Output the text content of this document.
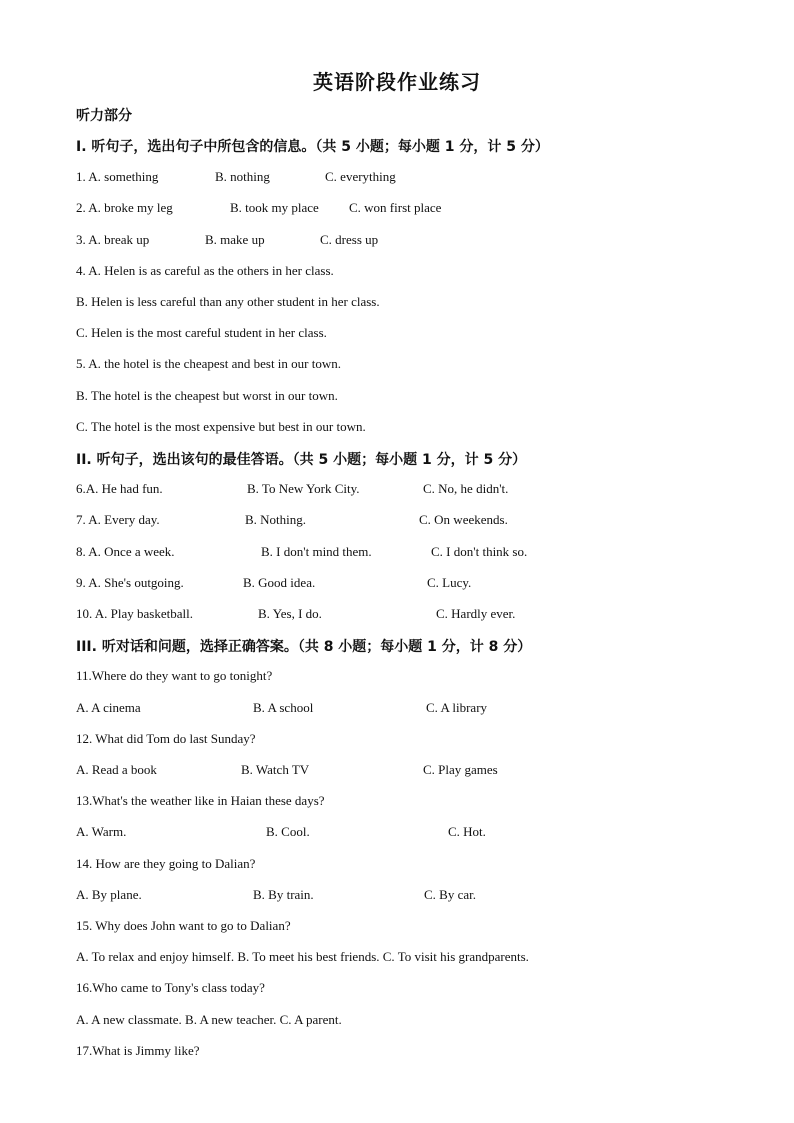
英语阶段作业练习
听力部分
I. 听句子，选出句子中所包含的信息。（共 5 小题；每小题 1 分，计 5 分）
1. A. something	B. nothing	C. everything
2. A. broke my leg	B. took my place C. won first place
3. A. break up	B. make up	C. dress up
4. A. Helen is as careful as the others in her class.
B. Helen is less careful than any other student in her class.
C. Helen is the most careful student in her class.
5. A. the hotel is the cheapest and best in our town.
B. The hotel is the cheapest but worst in our town.
C. The hotel is the most expensive but best in our town.
II. 听句子，选出该句的最佳答语。（共 5 小题；每小题 1 分，计 5 分）
6.A. He had fun.	B. To New York City.	C. No, he didn't.
7. A. Every day.	B. Nothing.	C. On weekends.
8. A. Once a week.	B. I don't mind them.	C. I don't think so.
9. A. She's outgoing.	B. Good idea.	C. Lucy.
10. A. Play basketball.	B. Yes, I do.	C. Hardly ever.
III. 听对话和问题，选择正确答案。（共 8 小题；每小题 1 分，计 8 分）
11.Where do they want to go tonight?
A. A cinema	B. A school	C. A library
12. What did Tom do last Sunday?
A. Read a book	B. Watch TV	C. Play games
13.What's the weather like in Haian these days?
A. Warm.	B. Cool.	C. Hot.
14. How are they going to Dalian?
A. By plane.	B. By train.	C. By car.
15. Why does John want to go to Dalian?
A. To relax and enjoy himself. B. To meet his best friends. C. To visit his grandparents.
16.Who came to Tony's class today?
A. A new classmate. B. A new teacher. C. A parent.
17.What is Jimmy like?
